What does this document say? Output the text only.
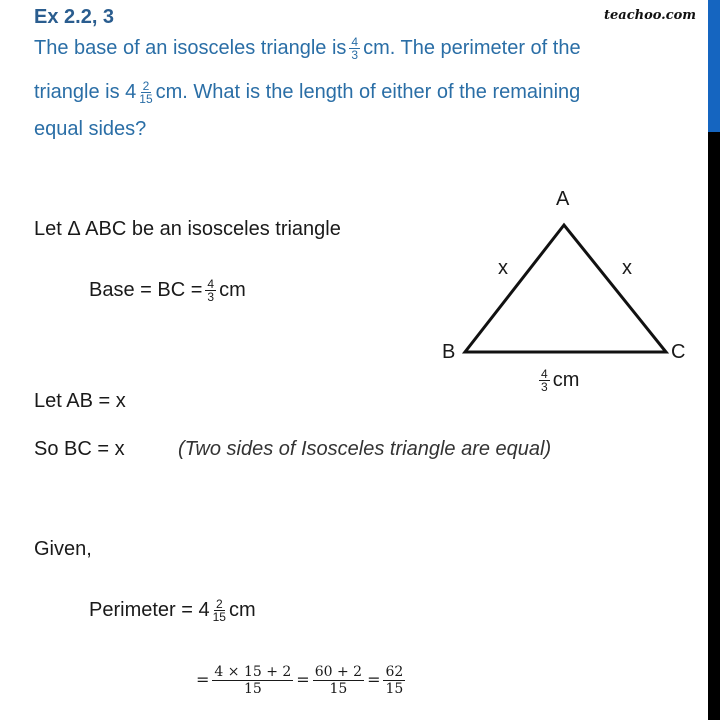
Ex 2.2, 3	teachoo.com
The base of an isosceles triangle is $\frac{4}{3}$ cm. The perimeter of the
triangle is $4 \frac{2}{15}$ cm. What is the length of either of the remaining
equal sides?
Let Δ ABC be an isosceles triangle
Base = BC = $\frac{4}{3}$ cm
Let AB = x
So BC = x	(Two sides of Isosceles triangle are equal)
Given,
Perimeter = $4 \frac{2}{15}$ cm
= $\frac{4 \times 15 + 2}{15} = \frac{60 + 2}{15} = \frac{62}{15}$
A
B	C
x	x
$\frac{4}{3}$ cm
